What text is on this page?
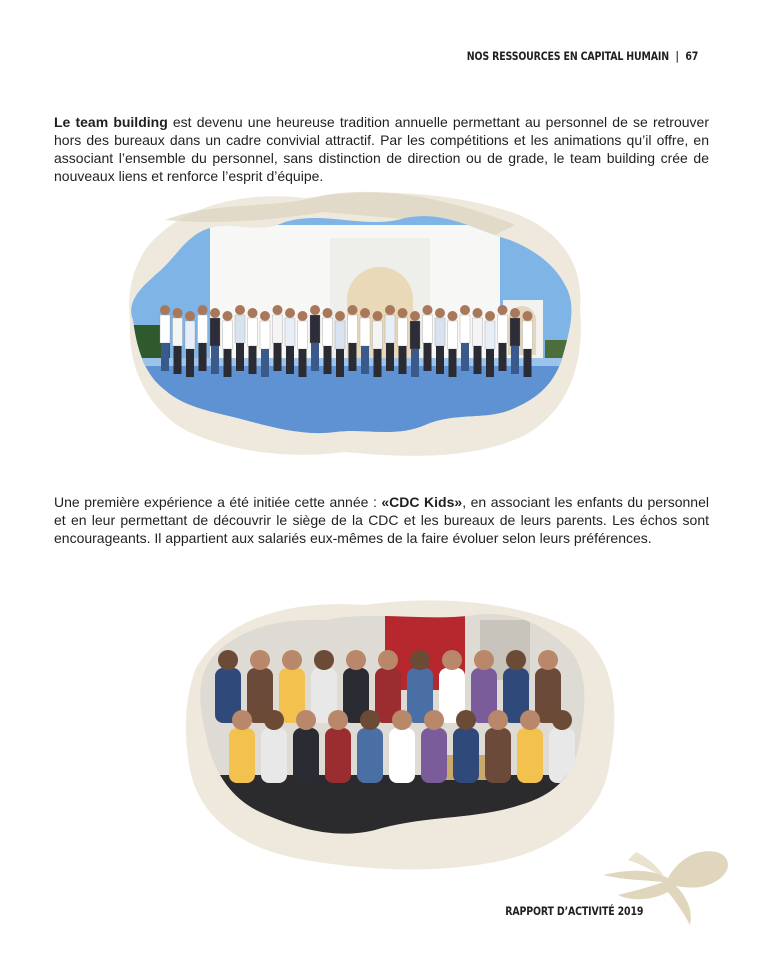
NOS RESSOURCES EN CAPITAL HUMAIN | 67

Le team building est devenu une heureuse tradition annuelle permettant au personnel de se retrouver hors des bureaux dans un cadre convivial attractif. Par les compétitions et les animations qu’il offre, en associant l’ensemble du personnel, sans distinction de direction ou de grade, le team building crée de nouveaux liens et renforce l’esprit d’équipe.

Une première expérience a été initiée cette année : «CDC Kids», en associant les enfants du personnel et en leur permettant de découvrir le siège de la CDC et les bureaux de leurs parents. Les échos sont encourageants. Il appartient aux salariés eux-mêmes de la faire évoluer selon leurs préférences.

RAPPORT D’ACTIVITÉ 2019
